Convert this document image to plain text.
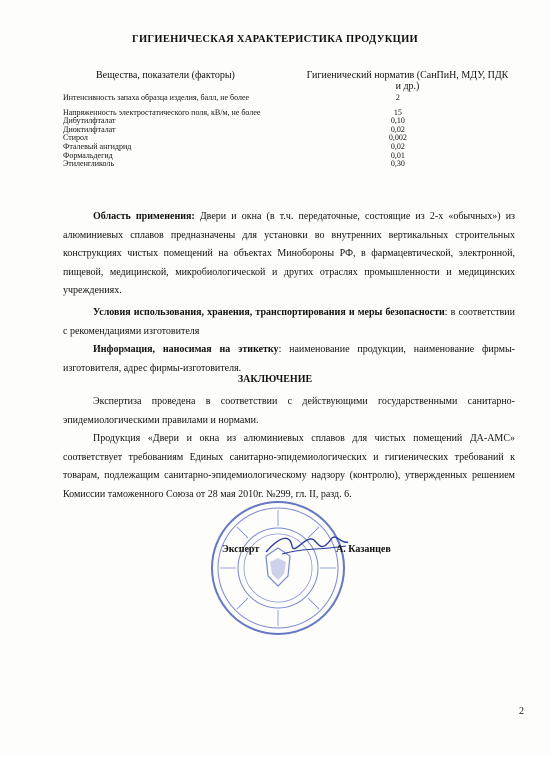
ГИГИЕНИЧЕСКАЯ ХАРАКТЕРИСТИКА ПРОДУКЦИИ
Вещества, показатели (факторы)	Гигиенический норматив (СанПиН, МДУ, ПДК и др.)
Интенсивность запаха образца изделия, балл, не более	2

Напряженность электростатического поля, кВ/м, не более	15
Дибутилфталат	0,10
Диоктилфталат	0,02
Стирол	0,002
Фталевый ангидрид	0,02
Формальдегид	0,01
Этиленгликоль	0,30
Область применения: Двери и окна (в т.ч. передаточные, состоящие из 2-х «обычных») из алюминиевых сплавов предназначены для установки во внутренних вертикальных строительных конструкциях чистых помещений на объектах Минобороны РФ, в фармацевтической, электронной, пищевой, медицинской, микробиологической и других отраслях промышленности и медицинских учреждениях.
Условия использования, хранения, транспортирования и меры безопасности: в соответствии с рекомендациями изготовителя
Информация, наносимая на этикетку: наименование продукции, наименование фирмы-изготовителя, адрес фирмы-изготовителя.
ЗАКЛЮЧЕНИЕ
Экспертиза проведена в соответствии с действующими государственными санитарно-эпидемиологическими правилами и нормами.
Продукция «Двери и окна из алюминиевых сплавов для чистых помещений ДА-АМС» соответствует требованиям Единых санитарно-эпидемиологических и гигиенических требований к товарам, подлежащим санитарно-эпидемиологическому надзору (контролю), утвержденных решением Комиссии таможенного Союза от 28 мая 2010г. №299, гл. II, разд. 6.
Эксперт	А. Казанцев
2
